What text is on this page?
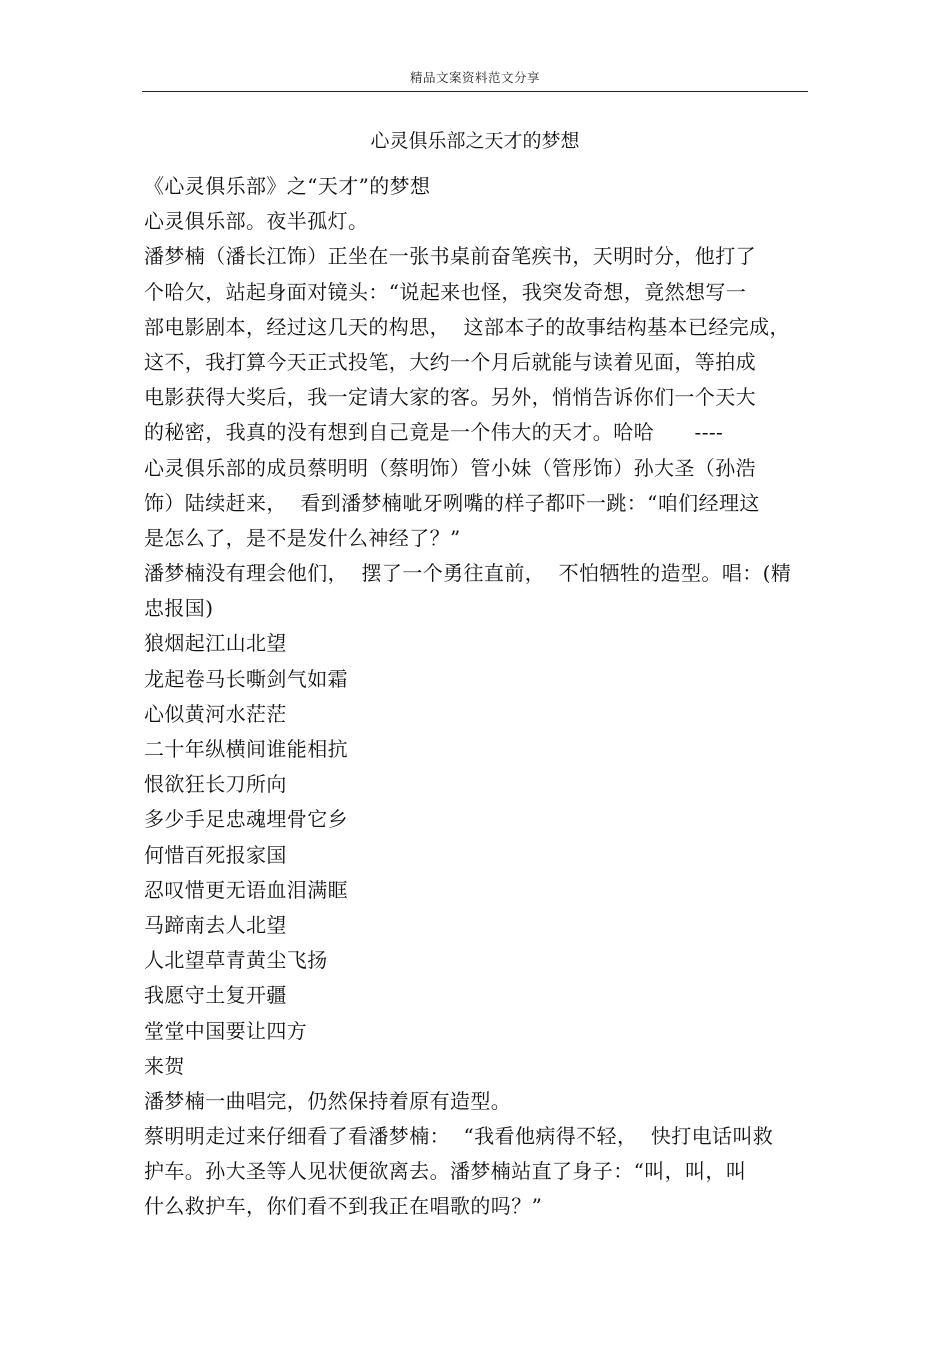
精品文案资料范文分享
心灵俱乐部之天才的梦想
《心灵俱乐部》之“天才”的梦想
心灵俱乐部。夜半孤灯。
潘梦楠（潘长江饰）正坐在一张书桌前奋笔疾书，天明时分，他打了
个哈欠，站起身面对镜头：“说起来也怪，我突发奇想，竟然想写一
部电影剧本，经过这几天的构思，  这部本子的故事结构基本已经完成，
这不，我打算今天正式投笔，大约一个月后就能与读着见面，等拍成
电影获得大奖后，我一定请大家的客。另外，悄悄告诉你们一个天大
的秘密，我真的没有想到自己竟是一个伟大的天才。哈哈      ----
心灵俱乐部的成员蔡明明（蔡明饰）管小妹（管彤饰）孙大圣（孙浩
饰）陆续赶来，  看到潘梦楠呲牙咧嘴的样子都吓一跳：“咱们经理这
是怎么了，是不是发什么神经了？”
潘梦楠没有理会他们，  摆了一个勇往直前，  不怕牺牲的造型。唱：(精
忠报国)
狼烟起江山北望
龙起卷马长嘶剑气如霜
心似黄河水茫茫
二十年纵横间谁能相抗
恨欲狂长刀所向
多少手足忠魂埋骨它乡
何惜百死报家国
忍叹惜更无语血泪满眶
马蹄南去人北望
人北望草青黄尘飞扬
我愿守土复开疆
堂堂中国要让四方
来贺
潘梦楠一曲唱完，仍然保持着原有造型。
蔡明明走过来仔细看了看潘梦楠：  “我看他病得不轻，  快打电话叫救
护车。孙大圣等人见状便欲离去。潘梦楠站直了身子：“叫，叫，叫
什么救护车，你们看不到我正在唱歌的吗？”
